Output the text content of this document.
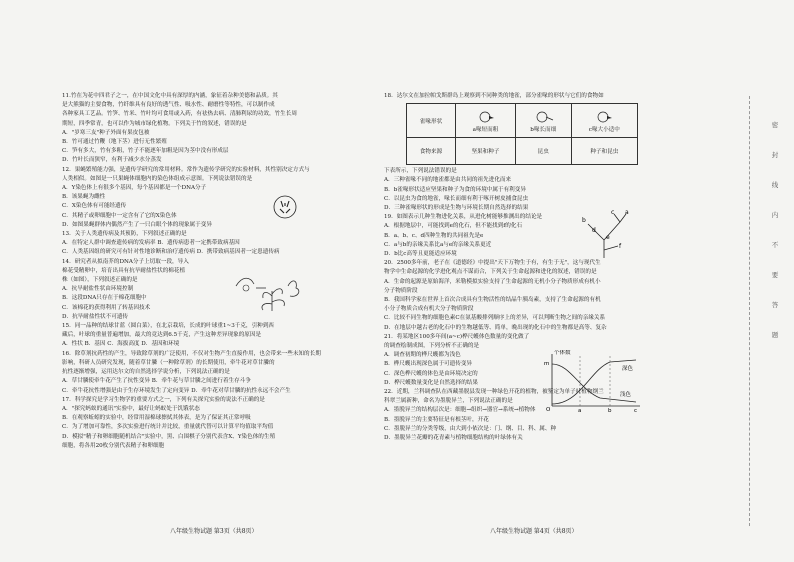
11.竹在为花中四君子之一，在中国文化中具有深厚的内涵，象征着杂种美德和品质。其
是大熊猫的主要食物，竹纤维具有良好的透气性、吸水性、耐磨性等特性，可以制作成
各种家具工艺品。竹笋、竹米、竹叶均可食用或入药，有祛热去病、清肺利尿的功效，竹生长周
期短，四季常青，也可以作为城市绿化植物。下列关于竹的叙述，错误的是
A．"岁寒三友"种子外面有果皮包被
B．竹可通过竹鞭（地下茎）进行无性繁殖
C．笋有多大，竹有多粗，竹子不能逐年加粗是因为茎中没有形成层
D．竹叶长而狭窄，有利于减少水分蒸发
12．果蝇繁殖能力强，是遗传学研究的常用材料。常作为遗传学研究的实验材料，其性别决定方式与
人类相似。如图是一只果蝇体细胞内的染色体组成示意图。下列说法错误的是
A．Y染色体上有很多个基因，每个基因都是一个DNA分子
B．该果蝇为雌性
C．X染色体有可能经遗传
C．其精子或卵细胞中一定含有了它的X染色体
D．如图果蝇群体内偶然产生了一只白眼个体的现象属于变异
13．关于人类遗传病及其预防，下列叙述正确的是
A．在特定人群中调查遗传病的发病率 B．遗传病患者一定携带致病基因
C．人类基因组的研究可有针对性地诊断和治疗遗传病 D．携带致病基因者一定患遗传病
14．研究者从拟南芥的DNA分子上切取一段，导入
棉花受精卵中，培育出具有抗旱耐盐性状的棉花植
株（如图），下列叙述正确的是
A．抗旱耐盐性状由环境控制
B．这段DNA只存在于棉花细胞中
C．该棉花的获得利用了转基因技术
D．抗旱耐盐性状不可遗传
15．同一品种的结球甘蓝（圆白菜），在北京栽培，长成的叶球重1~3千克，引种到西
藏后，叶球的重量普遍增加，最大的竟达到6.5千克，产生这种差异现象的原因是
A．性状 B．基因 C．海拔高度 D．基因和环境
16．除草剂抗药性的产生，导致除草剂的广泛使用，不仅对生物产生直接作用，也会带来一些未知的长期
影响，科研人员研究发现，随着草甘膦（一种除草剂）的长期使用，牵牛花对草甘膦的
抗性逐渐增强，运用达尔文的自然选择学说分析，下列说法正确的是
A．草甘膦使牵牛花产生了抗性变异 B．牵牛花与草甘膦之间进行着生存斗争
C．牵牛花抗性增强是由于生存环境发生了定向变异 D．牵牛花对草甘膦的抗性永远不会产生
17．科学探究是学习生物学的重要方式之一，下列有关探究实验的说法不正确的是
A．"探究蚂蚁的通讯"实验中，最好让蚂蚁处于饥饿状态
B．在观察蚯蚓的实验中，经常用湿棉球擦拭其体表，是为了保证其正常呼吸
C．为了增加可靠性，多次实验进行统计并比较，重量就代替可以计算平均值取平均值
D．模拟"精子和卵细胞随机结合"实验中，黑、白围棋子分别代表含X、Y染色体的生殖
细胞，将各用20枚分别代表精子和卵细胞
18．达尔文在加拉帕戈斯群岛上观察到不同种类的地雀，部分雀喙的形状与它们的食物如
下表所示，下列说法错误的是
A．三种雀喙不同的地雀都是由共同的祖先进化而来
B．b雀喙形状适应坚果和种子为食的环境中属于有利变异
C．以昆虫为食的地雀，喙长而细有利于啄开树皮捕食昆虫
D．三种雀喙形状的形成是生物与环境长期自然选择的结果
19．如图表示几种生物进化关系，从进化树能够推测出的结论是
A．根据地层中，可能找到e的化石，但不能找到f的化石
B．a、b、c、d四种生物的共同祖先是e
C．a与b的亲缘关系比a与e的亲缘关系更近
D．b比c高等且更能适应环境
20．2500多年前，老子在《道德经》中提出"天下万物生于有，有生于无"，这与现代生
物学中生命起源的化学进化观点不谋而合，下列关于生命起源和进化的叙述，错误的是
A．生命的起源是原始海洋，米勒模拟实验支持了生命起源的无机小分子物质形成有机小
分子物质阶段
B．我国科学家在世界上首次合成具有生物活性的结晶牛胰岛素，支持了生命起源的有机
小分子物质合成有机大分子物质阶段
C．比较不同生物的细胞色素C在氨基酸排列顺序上的差异，可以判断生物之间的亲缘关系
D．在地层中越古老的化石中的生物越低等、简单，晚出现的化石中的生物都是高等、复杂
21．将某地区100多年间(a~c)桦尺蠖体色数量的变化做了
的调查绘制成图，下列分析不正确的是
A．调查初期的桦尺蠖都为浅色
B．桦尺蠖出现深色属于可遗传变异
C．深色桦尺蠖的体色是由环境决定的
D．桦尺蠖数量变化是自然选择的结果
22．近期，兰科调查队在西藏墨脱县发现一种绿色开花的植物，被鉴定为单子叶植物纲兰
科翠兰属新种，命名为墨脱异兰，下列说法正确的是
A．墨脱异兰的结构层次是：细胞→组织→器官→系统→植物体
B．墨脱异兰的主要特征是有根茎叶，开花
C．墨脱异兰的分类等级，由大到小依次是：门、纲、目、科、属、种
D．墨脱异兰花瓣的花青素与植物细胞结构的叶绿体有关
雀喙形状	a喙短而粗	b喙长而细	c喙大小适中
食物来源	坚果和种子	昆虫	种子和昆虫
b
c a
d
e
f
个体数
m
深色
浅色
O	a	b	c
八年级生物试题 第3页（共8页）	八年级生物试题 第4页（共8页）
密
封
线
内
不
要
答
题
